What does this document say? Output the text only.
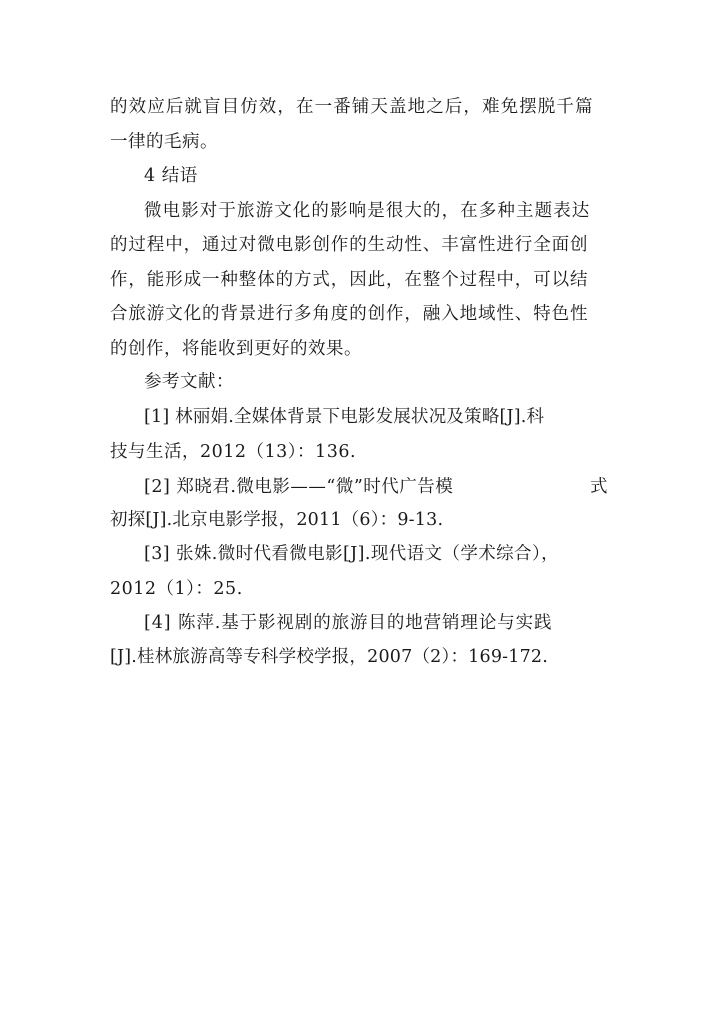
的效应后就盲目仿效，在一番铺天盖地之后，难免摆脱千篇
一律的毛病。
4 结语
微电影对于旅游文化的影响是很大的，在多种主题表达
的过程中，通过对微电影创作的生动性、丰富性进行全面创
作，能形成一种整体的方式，因此，在整个过程中，可以结
合旅游文化的背景进行多角度的创作，融入地域性、特色性
的创作，将能收到更好的效果。
参考文献：
[1] 林丽娟.全媒体背景下电影发展状况及策略[J].科
技与生活，2012（13）：136.
[2] 郑晓君.微电影——“微”时代广告模	式
初探[J].北京电影学报，2011（6）：9-13.
[3] 张姝.微时代看微电影[J].现代语文（学术综合），
2012（1）：25.
[4] 陈萍.基于影视剧的旅游目的地营销理论与实践
[J].桂林旅游高等专科学校学报，2007（2）：169-172.
